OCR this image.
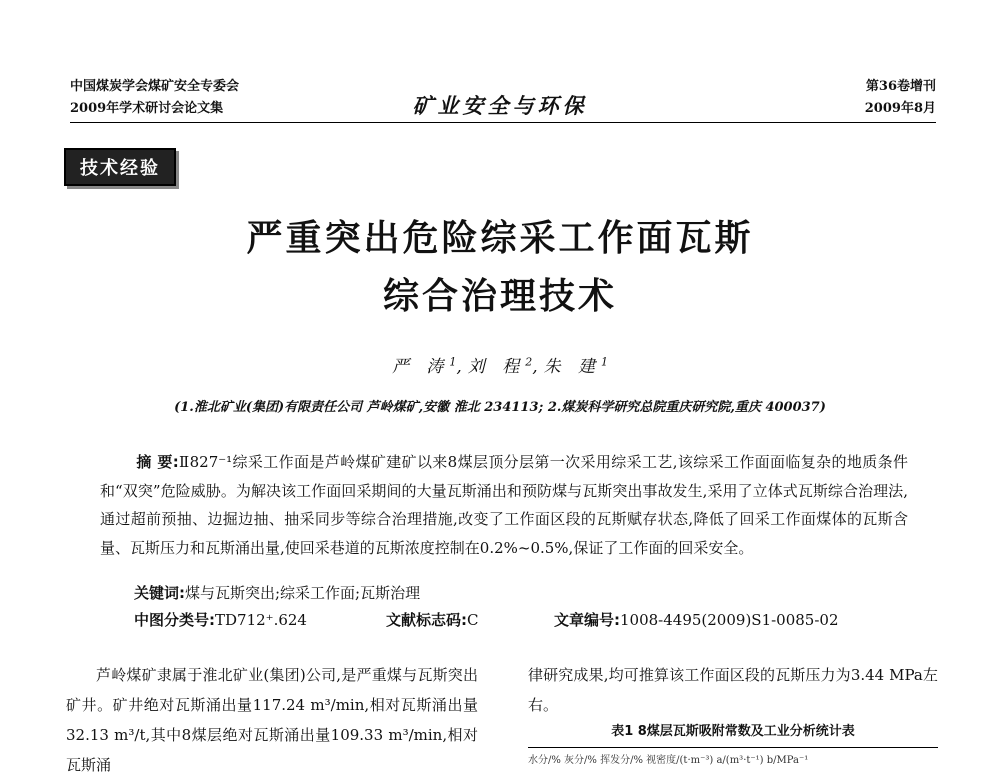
中国煤炭学会煤矿安全专委会
2009年学术研讨会论文集	矿业安全与环保
第36卷增刊
2009年8月
技术经验
严重突出危险综采工作面瓦斯
综合治理技术
严 涛$^1$,刘 程$^2$,朱 建$^1$
(1.淮北矿业(集团)有限责任公司 芦岭煤矿,安徽 淮北 234113; 2.煤炭科学研究总院重庆研究院,重庆 400037)
摘 要:Ⅱ827⁻¹综采工作面是芦岭煤矿建矿以来8煤层顶分层第一次采用综采工艺,该综采工作面面临复杂的地质条件和“双突”危险威胁。为解决该工作面回采期间的大量瓦斯涌出和预防煤与瓦斯突出事故发生,采用了立体式瓦斯综合治理法,通过超前预抽、边掘边抽、抽采同步等综合治理措施,改变了工作面区段的瓦斯赋存状态,降低了回采工作面煤体的瓦斯含量、瓦斯压力和瓦斯涌出量,使回采巷道的瓦斯浓度控制在0.2%~0.5%,保证了工作面的回采安全。
关键词:煤与瓦斯突出;综采工作面;瓦斯治理
中图分类号:TD712⁺.624	文献标志码:C	文章编号:1008-4495(2009)S1-0085-02
芦岭煤矿隶属于淮北矿业(集团)公司,是严重煤与瓦斯突出矿井。矿井绝对瓦斯涌出量117.24 m³/min,相对瓦斯涌出量32.13 m³/t,其中8煤层绝对瓦斯涌出量109.33 m³/min,相对瓦斯涌
律研究成果,均可推算该工作面区段的瓦斯压力为3.44 MPa左右。
表1 8煤层瓦斯吸附常数及工业分析统计表
水分/% 灰分/% 挥发分/% 视密度/(t·m⁻³) a/(m³·t⁻¹) b/MPa⁻¹
